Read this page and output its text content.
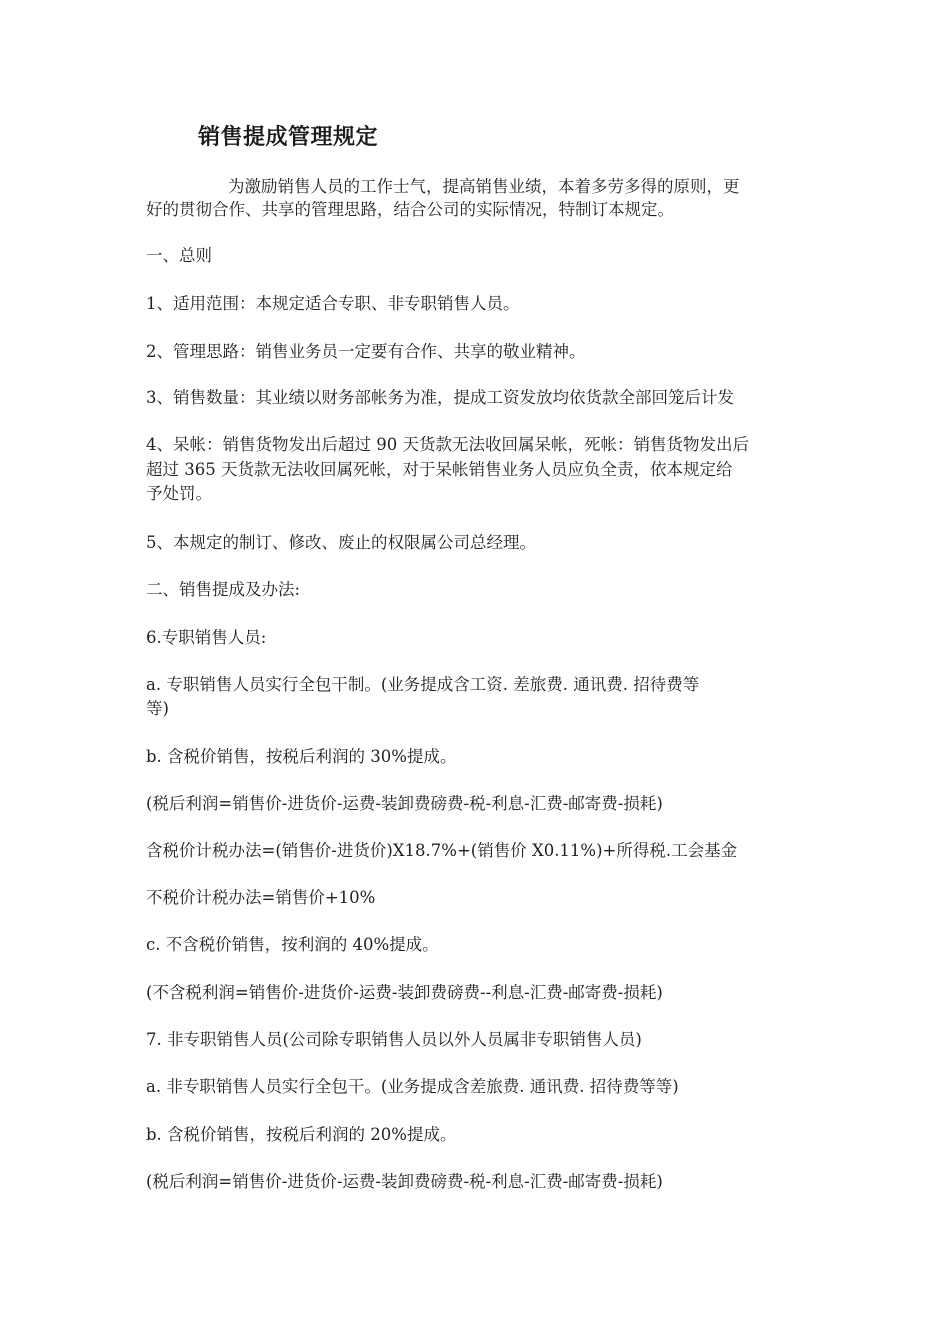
销售提成管理规定
为激励销售人员的工作士气，提高销售业绩，本着多劳多得的原则，更
好的贯彻合作、共享的管理思路，结合公司的实际情况，特制订本规定。
一、总则
1、适用范围：本规定适合专职、非专职销售人员。
2、管理思路：销售业务员一定要有合作、共享的敬业精神。
3、销售数量：其业绩以财务部帐务为准，提成工资发放均依货款全部回笼后计发
4、呆帐：销售货物发出后超过 90 天货款无法收回属呆帐，死帐：销售货物发出后
超过 365 天货款无法收回属死帐，对于呆帐销售业务人员应负全责，依本规定给
予处罚。
5、本规定的制订、修改、废止的权限属公司总经理。
二、销售提成及办法:
6.专职销售人员:
a. 专职销售人员实行全包干制。(业务提成含工资. 差旅费. 通讯费. 招待费等
等)
b. 含税价销售，按税后利润的 30%提成。
(税后利润=销售价-进货价-运费-装卸费磅费-税-利息-汇费-邮寄费-损耗)
含税价计税办法=(销售价-进货价)X18.7%+(销售价 X0.11%)+所得税.工会基金
不税价计税办法=销售价+10%
c. 不含税价销售，按利润的 40%提成。
(不含税利润=销售价-进货价-运费-装卸费磅费--利息-汇费-邮寄费-损耗)
7. 非专职销售人员(公司除专职销售人员以外人员属非专职销售人员)
a. 非专职销售人员实行全包干。(业务提成含差旅费. 通讯费. 招待费等等)
b. 含税价销售，按税后利润的 20%提成。
(税后利润=销售价-进货价-运费-装卸费磅费-税-利息-汇费-邮寄费-损耗)
